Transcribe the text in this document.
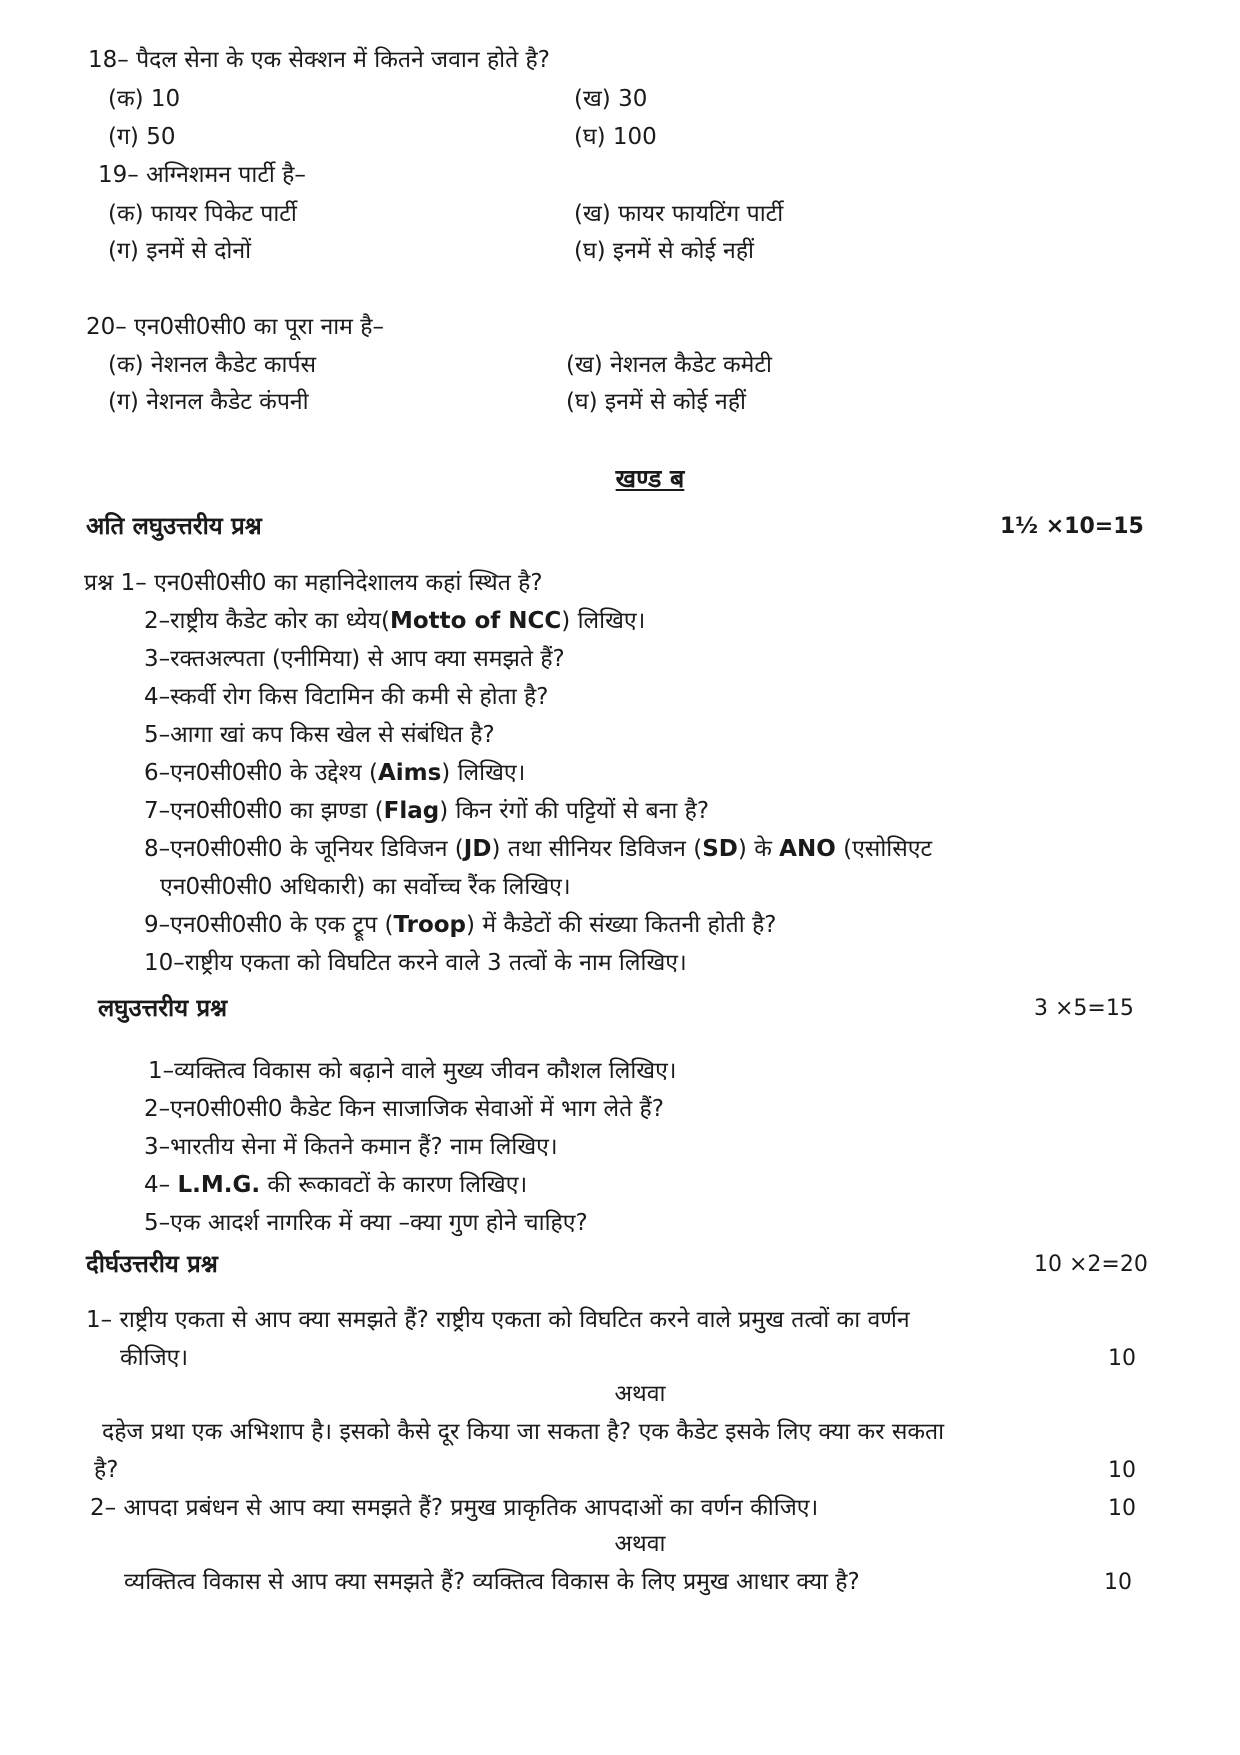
18– पैदल सेना के एक सेक्शन में कितने जवान होते है?
(क) 10	(ख) 30
(ग) 50	(घ) 100
19– अग्निशमन पार्टी है–
(क) फायर पिकेट पार्टी	(ख) फायर फायटिंग पार्टी
(ग) इनमें से दोनों	(घ) इनमें से कोई नहीं
20– एन0सी0सी0 का पूरा नाम है–
(क) नेशनल कैडेट कार्पस	(ख) नेशनल कैडेट कमेटी
(ग) नेशनल कैडेट कंपनी	(घ) इनमें से कोई नहीं
खण्ड ब
अति लघुउत्तरीय प्रश्न	1½ ×10=15
प्रश्न 1– एन0सी0सी0 का महानिदेशालय कहां स्थित है?
2–राष्ट्रीय कैडेट कोर का ध्येय(Motto of NCC) लिखिए।
3–रक्तअल्पता (एनीमिया) से आप क्या समझते हैं?
4–स्कर्वी रोग किस विटामिन की कमी से होता है?
5–आगा खां कप किस खेल से संबंधित है?
6–एन0सी0सी0 के उद्देश्य (Aims) लिखिए।
7–एन0सी0सी0 का झण्डा (Flag) किन रंगों की पट्टियों से बना है?
8–एन0सी0सी0 के जूनियर डिविजन (JD) तथा सीनियर डिविजन (SD) के ANO (एसोसिएट
एन0सी0सी0 अधिकारी) का सर्वोच्च रैंक लिखिए।
9–एन0सी0सी0 के एक ट्रूप (Troop) में कैडेटों की संख्या कितनी होती है?
10–राष्ट्रीय एकता को विघटित करने वाले 3 तत्वों के नाम लिखिए।
लघुउत्तरीय प्रश्न	3 ×5=15
1–व्यक्तित्व विकास को बढ़ाने वाले मुख्य जीवन कौशल लिखिए।
2–एन0सी0सी0 कैडेट किन साजाजिक सेवाओं में भाग लेते हैं?
3–भारतीय सेना में कितने कमान हैं? नाम लिखिए।
4– L.M.G. की रूकावटों के कारण लिखिए।
5–एक आदर्श नागरिक में क्या –क्या गुण होने चाहिए?
दीर्घउत्तरीय प्रश्न	10 ×2=20
1– राष्ट्रीय एकता से आप क्या समझते हैं? राष्ट्रीय एकता को विघटित करने वाले प्रमुख तत्वों का वर्णन
कीजिए।	10
अथवा
दहेज प्रथा एक अभिशाप है। इसको कैसे दूर किया जा सकता है? एक कैडेट इसके लिए क्या कर सकता
है?	10
2– आपदा प्रबंधन से आप क्या समझते हैं? प्रमुख प्राकृतिक आपदाओं का वर्णन कीजिए।	10
अथवा
व्यक्तित्व विकास से आप क्या समझते हैं? व्यक्तित्व विकास के लिए प्रमुख आधार क्या है?	10
